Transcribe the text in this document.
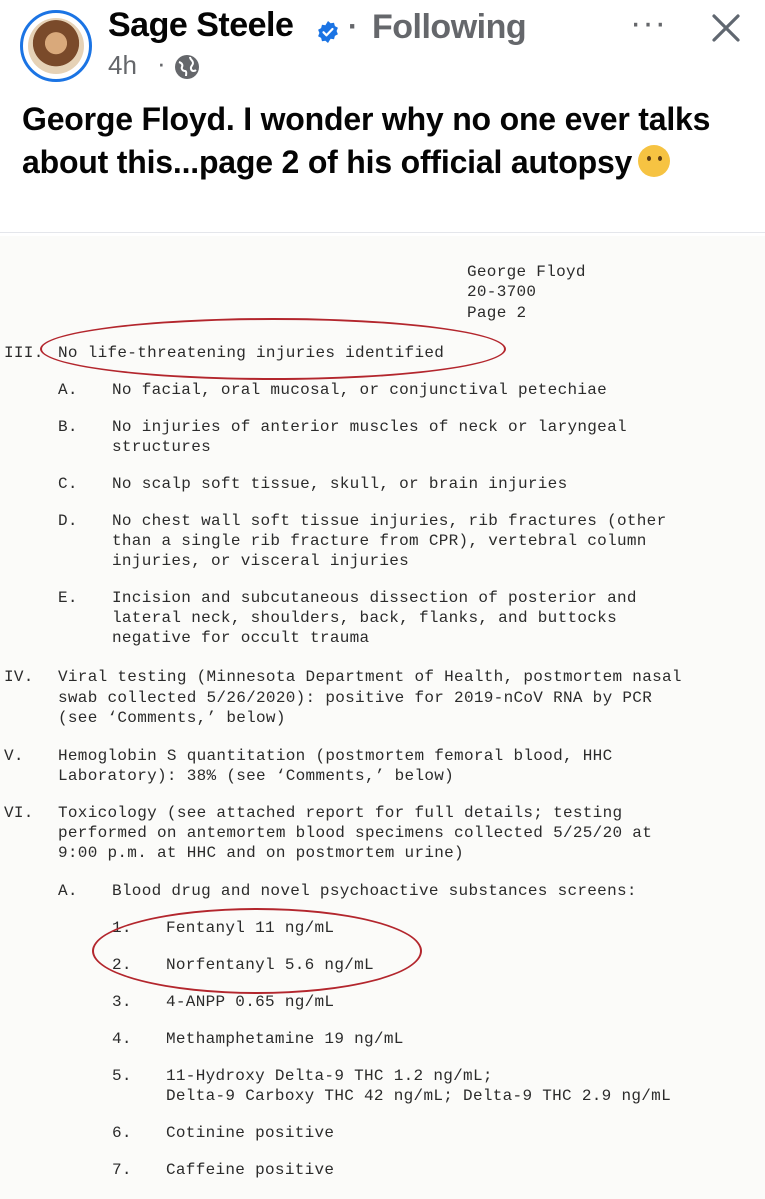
Sage Steele · Following	···
4h ·
George Floyd. I wonder why no one ever talks about this...page 2 of his official autopsy
George Floyd
20-3700
Page 2
III. No life-threatening injuries identified
A. No facial, oral mucosal, or conjunctival petechiae
B. No injuries of anterior muscles of neck or laryngeal
structures
C. No scalp soft tissue, skull, or brain injuries
D. No chest wall soft tissue injuries, rib fractures (other
than a single rib fracture from CPR), vertebral column
injuries, or visceral injuries
E. Incision and subcutaneous dissection of posterior and
lateral neck, shoulders, back, flanks, and buttocks
negative for occult trauma
IV. Viral testing (Minnesota Department of Health, postmortem nasal
swab collected 5/26/2020): positive for 2019-nCoV RNA by PCR
(see ‘Comments,’ below)
V. Hemoglobin S quantitation (postmortem femoral blood, HHC
Laboratory): 38% (see ‘Comments,’ below)
VI. Toxicology (see attached report for full details; testing
performed on antemortem blood specimens collected 5/25/20 at
9:00 p.m. at HHC and on postmortem urine)
A. Blood drug and novel psychoactive substances screens:
1. Fentanyl 11 ng/mL
2. Norfentanyl 5.6 ng/mL
3. 4-ANPP 0.65 ng/mL
4. Methamphetamine 19 ng/mL
5. 11-Hydroxy Delta-9 THC 1.2 ng/mL;
Delta-9 Carboxy THC 42 ng/mL; Delta-9 THC 2.9 ng/mL
6. Cotinine positive
7. Caffeine positive
